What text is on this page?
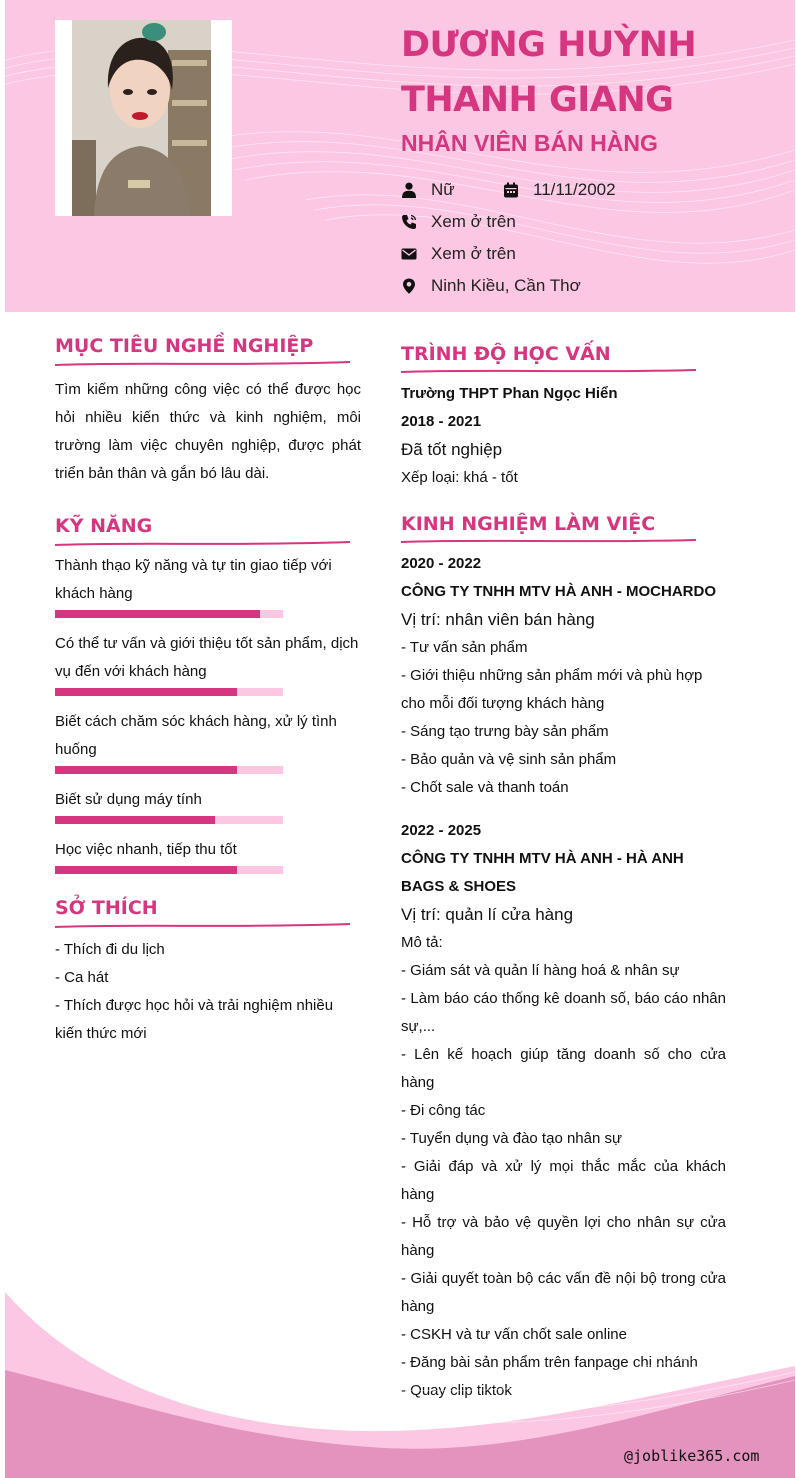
DƯƠNG HUỲNH THANH GIANG
NHÂN VIÊN BÁN HÀNG
Nữ	11/11/2002
Xem ở trên
Xem ở trên
Ninh Kiều, Cần Thơ
MỤC TIÊU NGHỀ NGHIỆP

Tìm kiếm những công việc có thể được học hỏi nhiều kiến thức và kinh nghiệm, môi trường làm việc chuyên nghiệp, được phát triển bản thân và gắn bó lâu dài.

KỸ NĂNG
Thành thạo kỹ năng và tự tin giao tiếp với khách hàng
Có thể tư vấn và giới thiệu tốt sản phẩm, dịch vụ đến với khách hàng
Biết cách chăm sóc khách hàng, xử lý tình huống
Biết sử dụng máy tính
Học việc nhanh, tiếp thu tốt
SỞ THÍCH

- Thích đi du lịch

- Ca hát

- Thích được học hỏi và trải nghiệm nhiều kiến thức mới

TRÌNH ĐỘ HỌC VẤN

Trường THPT Phan Ngọc Hiển

2018 - 2021

Đã tốt nghiệp

Xếp loại: khá - tốt

KINH NGHIỆM LÀM VIỆC

2020 - 2022

CÔNG TY TNHH MTV HÀ ANH - MOCHARDO

Vị trí: nhân viên bán hàng

- Tư vấn sản phẩm

- Giới thiệu những sản phẩm mới và phù hợp cho mỗi đối tượng khách hàng

- Sáng tạo trưng bày sản phẩm

- Bảo quản và vệ sinh sản phẩm

- Chốt sale và thanh toán

2022 - 2025

CÔNG TY TNHH MTV HÀ ANH - HÀ ANH BAGS & SHOES

Vị trí: quản lí cửa hàng

Mô tả:

- Giám sát và quản lí hàng hoá & nhân sự

- Làm báo cáo thống kê doanh số, báo cáo nhân sự,...

- Lên kế hoạch giúp tăng doanh số cho cửa hàng

- Đi công tác

- Tuyển dụng và đào tạo nhân sự

- Giải đáp và xử lý mọi thắc mắc của khách hàng

- Hỗ trợ và bảo vệ quyền lợi cho nhân sự cửa hàng

- Giải quyết toàn bộ các vấn đề nội bộ trong cửa hàng

- CSKH và tư vấn chốt sale online

- Đăng bài sản phẩm trên fanpage chi nhánh

- Quay clip tiktok

@joblike365.com
